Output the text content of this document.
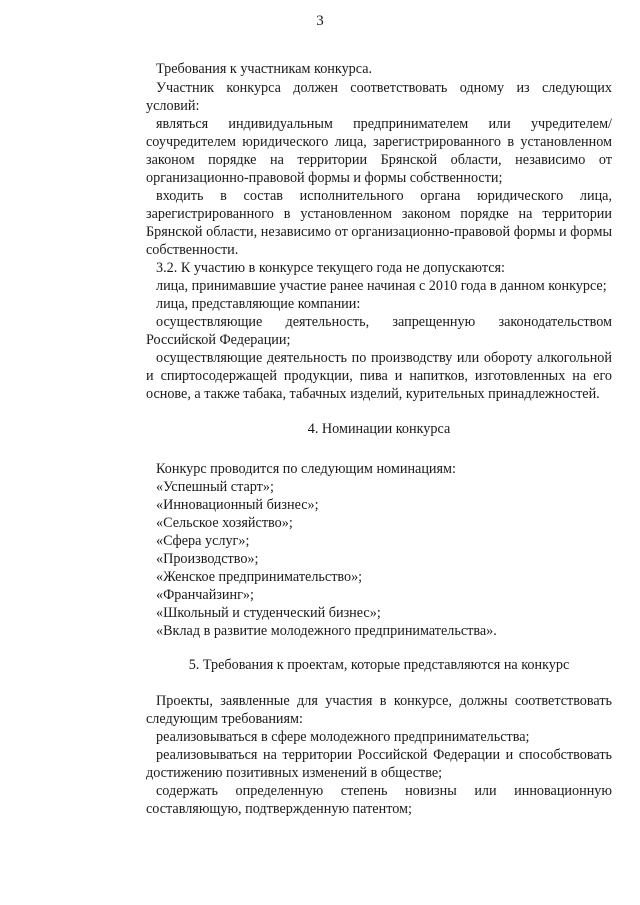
3

Требования к участникам конкурса.

Участник конкурса должен соответствовать одному из следующих условий:

являться индивидуальным предпринимателем или учредителем/соучредителем юридического лица, зарегистрированного в установленном законом порядке на территории Брянской области, независимо от организационно-правовой формы и формы собственности;

входить в состав исполнительного органа юридического лица, зарегистрированного в установленном законом порядке на территории Брянской области, независимо от организационно-правовой формы и формы собственности.

3.2. К участию в конкурсе текущего года не допускаются:

лица, принимавшие участие ранее начиная с 2010 года в данном конкурсе;

лица, представляющие компании:

осуществляющие деятельность, запрещенную законодательством Российской Федерации;

осуществляющие деятельность по производству или обороту алкогольной и спиртосодержащей продукции, пива и напитков, изготовленных на его основе, а также табака, табачных изделий, курительных принадлежностей.

4. Номинации конкурса

Конкурс проводится по следующим номинациям:

«Успешный старт»;

«Инновационный бизнес»;

«Сельское хозяйство»;

«Сфера услуг»;

«Производство»;

«Женское предпринимательство»;

«Франчайзинг»;

«Школьный и студенческий бизнес»;

«Вклад в развитие молодежного предпринимательства».

5. Требования к проектам, которые представляются на конкурс

Проекты, заявленные для участия в конкурсе, должны соответствовать следующим требованиям:

реализовываться в сфере молодежного предпринимательства;

реализовываться на территории Российской Федерации и способствовать достижению позитивных изменений в обществе;

содержать определенную степень новизны или инновационную составляющую, подтвержденную патентом;
